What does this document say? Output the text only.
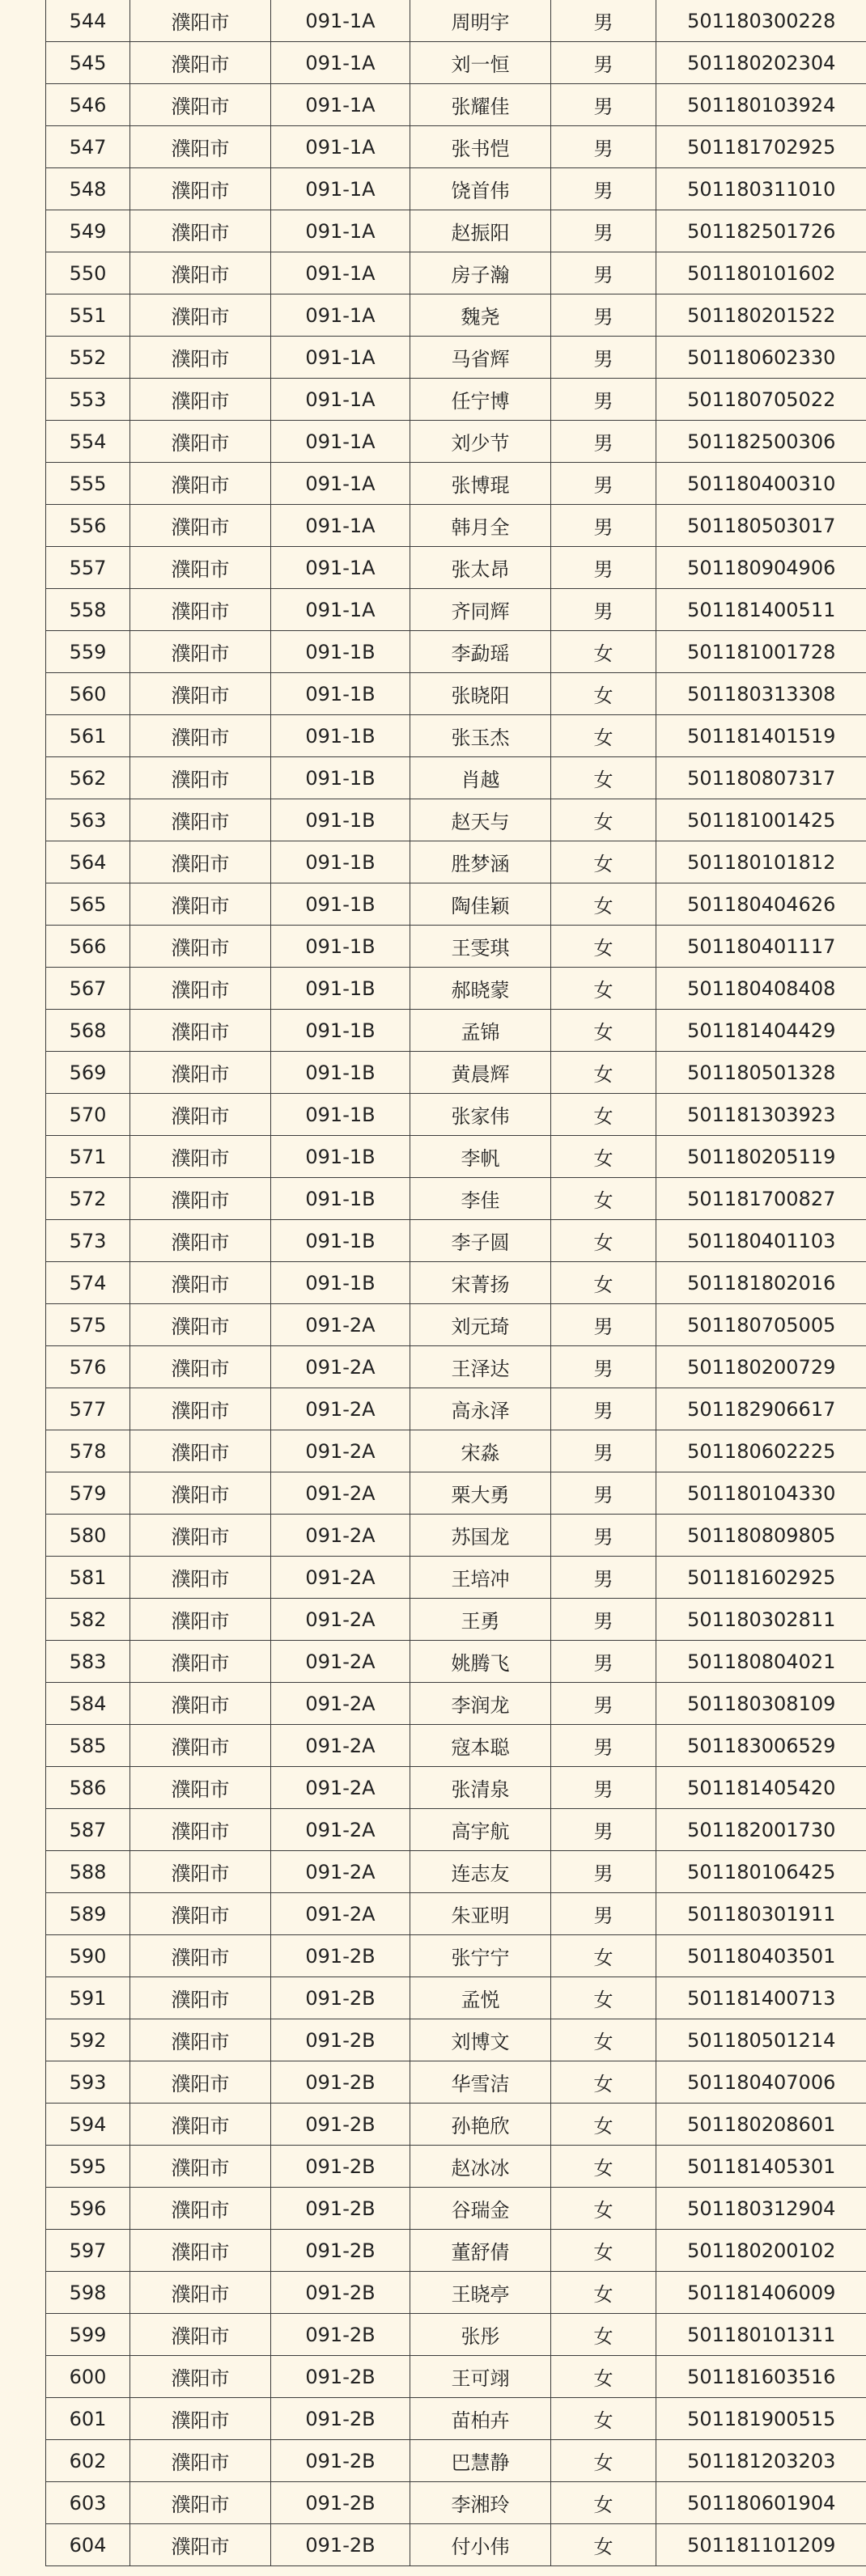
544	濮阳市	091-1A	周明宇	男	501180300228
545	濮阳市	091-1A	刘一恒	男	501180202304
546	濮阳市	091-1A	张耀佳	男	501180103924
547	濮阳市	091-1A	张书恺	男	501181702925
548	濮阳市	091-1A	饶首伟	男	501180311010
549	濮阳市	091-1A	赵振阳	男	501182501726
550	濮阳市	091-1A	房子瀚	男	501180101602
551	濮阳市	091-1A	魏尧	男	501180201522
552	濮阳市	091-1A	马省辉	男	501180602330
553	濮阳市	091-1A	任宁博	男	501180705022
554	濮阳市	091-1A	刘少节	男	501182500306
555	濮阳市	091-1A	张博琨	男	501180400310
556	濮阳市	091-1A	韩月全	男	501180503017
557	濮阳市	091-1A	张太昂	男	501180904906
558	濮阳市	091-1A	齐同辉	男	501181400511
559	濮阳市	091-1B	李勐瑶	女	501181001728
560	濮阳市	091-1B	张晓阳	女	501180313308
561	濮阳市	091-1B	张玉杰	女	501181401519
562	濮阳市	091-1B	肖越	女	501180807317
563	濮阳市	091-1B	赵天与	女	501181001425
564	濮阳市	091-1B	胜梦涵	女	501180101812
565	濮阳市	091-1B	陶佳颖	女	501180404626
566	濮阳市	091-1B	王雯琪	女	501180401117
567	濮阳市	091-1B	郝晓蒙	女	501180408408
568	濮阳市	091-1B	孟锦	女	501181404429
569	濮阳市	091-1B	黄晨辉	女	501180501328
570	濮阳市	091-1B	张家伟	女	501181303923
571	濮阳市	091-1B	李帆	女	501180205119
572	濮阳市	091-1B	李佳	女	501181700827
573	濮阳市	091-1B	李子圆	女	501180401103
574	濮阳市	091-1B	宋菁扬	女	501181802016
575	濮阳市	091-2A	刘元琦	男	501180705005
576	濮阳市	091-2A	王泽达	男	501180200729
577	濮阳市	091-2A	高永泽	男	501182906617
578	濮阳市	091-2A	宋淼	男	501180602225
579	濮阳市	091-2A	栗大勇	男	501180104330
580	濮阳市	091-2A	苏国龙	男	501180809805
581	濮阳市	091-2A	王培冲	男	501181602925
582	濮阳市	091-2A	王勇	男	501180302811
583	濮阳市	091-2A	姚腾飞	男	501180804021
584	濮阳市	091-2A	李润龙	男	501180308109
585	濮阳市	091-2A	寇本聪	男	501183006529
586	濮阳市	091-2A	张清泉	男	501181405420
587	濮阳市	091-2A	高宇航	男	501182001730
588	濮阳市	091-2A	连志友	男	501180106425
589	濮阳市	091-2A	朱亚明	男	501180301911
590	濮阳市	091-2B	张宁宁	女	501180403501
591	濮阳市	091-2B	孟悦	女	501181400713
592	濮阳市	091-2B	刘博文	女	501180501214
593	濮阳市	091-2B	华雪洁	女	501180407006
594	濮阳市	091-2B	孙艳欣	女	501180208601
595	濮阳市	091-2B	赵冰冰	女	501181405301
596	濮阳市	091-2B	谷瑞金	女	501180312904
597	濮阳市	091-2B	董舒倩	女	501180200102
598	濮阳市	091-2B	王晓亭	女	501181406009
599	濮阳市	091-2B	张彤	女	501180101311
600	濮阳市	091-2B	王可翊	女	501181603516
601	濮阳市	091-2B	苗柏卉	女	501181900515
602	濮阳市	091-2B	巴慧静	女	501181203203
603	濮阳市	091-2B	李湘玲	女	501180601904
604	濮阳市	091-2B	付小伟	女	501181101209
